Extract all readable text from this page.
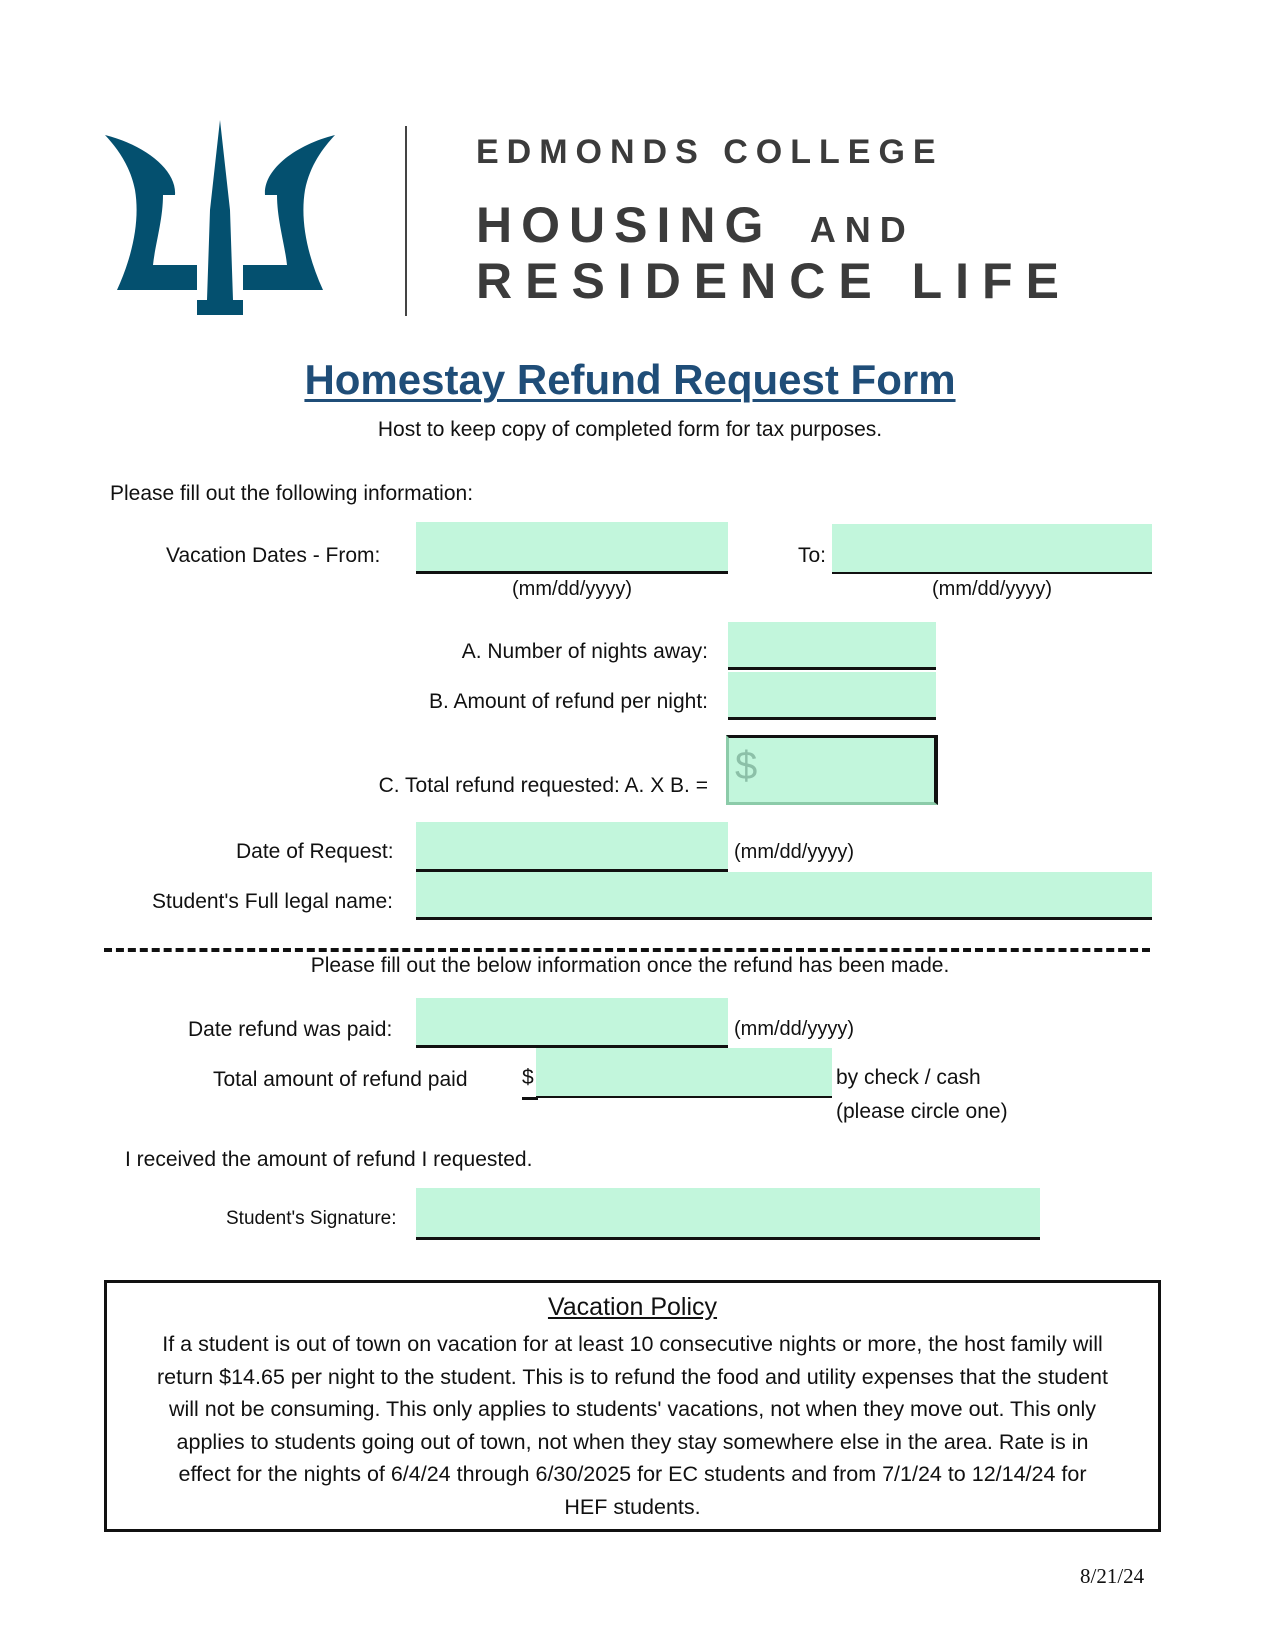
EDMONDS COLLEGE
HOUSING AND
RESIDENCE LIFE
Homestay Refund Request Form
Host to keep copy of completed form for tax purposes.
Please fill out the following information:
Vacation Dates - From:
(mm/dd/yyyy)
To:
(mm/dd/yyyy)
A. Number of nights away:
B. Amount of refund per night:
C. Total refund requested: A. X B. = $
Date of Request:	(mm/dd/yyyy)
Student's Full legal name:
Please fill out the below information once the refund has been made.
Date refund was paid:	(mm/dd/yyyy)
Total amount of refund paid	$	by check / cash
(please circle one)
I received the amount of refund I requested.
Student's Signature:
Vacation Policy
If a student is out of town on vacation for at least 10 consecutive nights or more, the host family will
return $14.65 per night to the student. This is to refund the food and utility expenses that the student
will not be consuming. This only applies to students' vacations, not when they move out. This only
applies to students going out of town, not when they stay somewhere else in the area. Rate is in
effect for the nights of 6/4/24 through 6/30/2025 for EC students and from 7/1/24 to 12/14/24 for
HEF students.
8/21/24
